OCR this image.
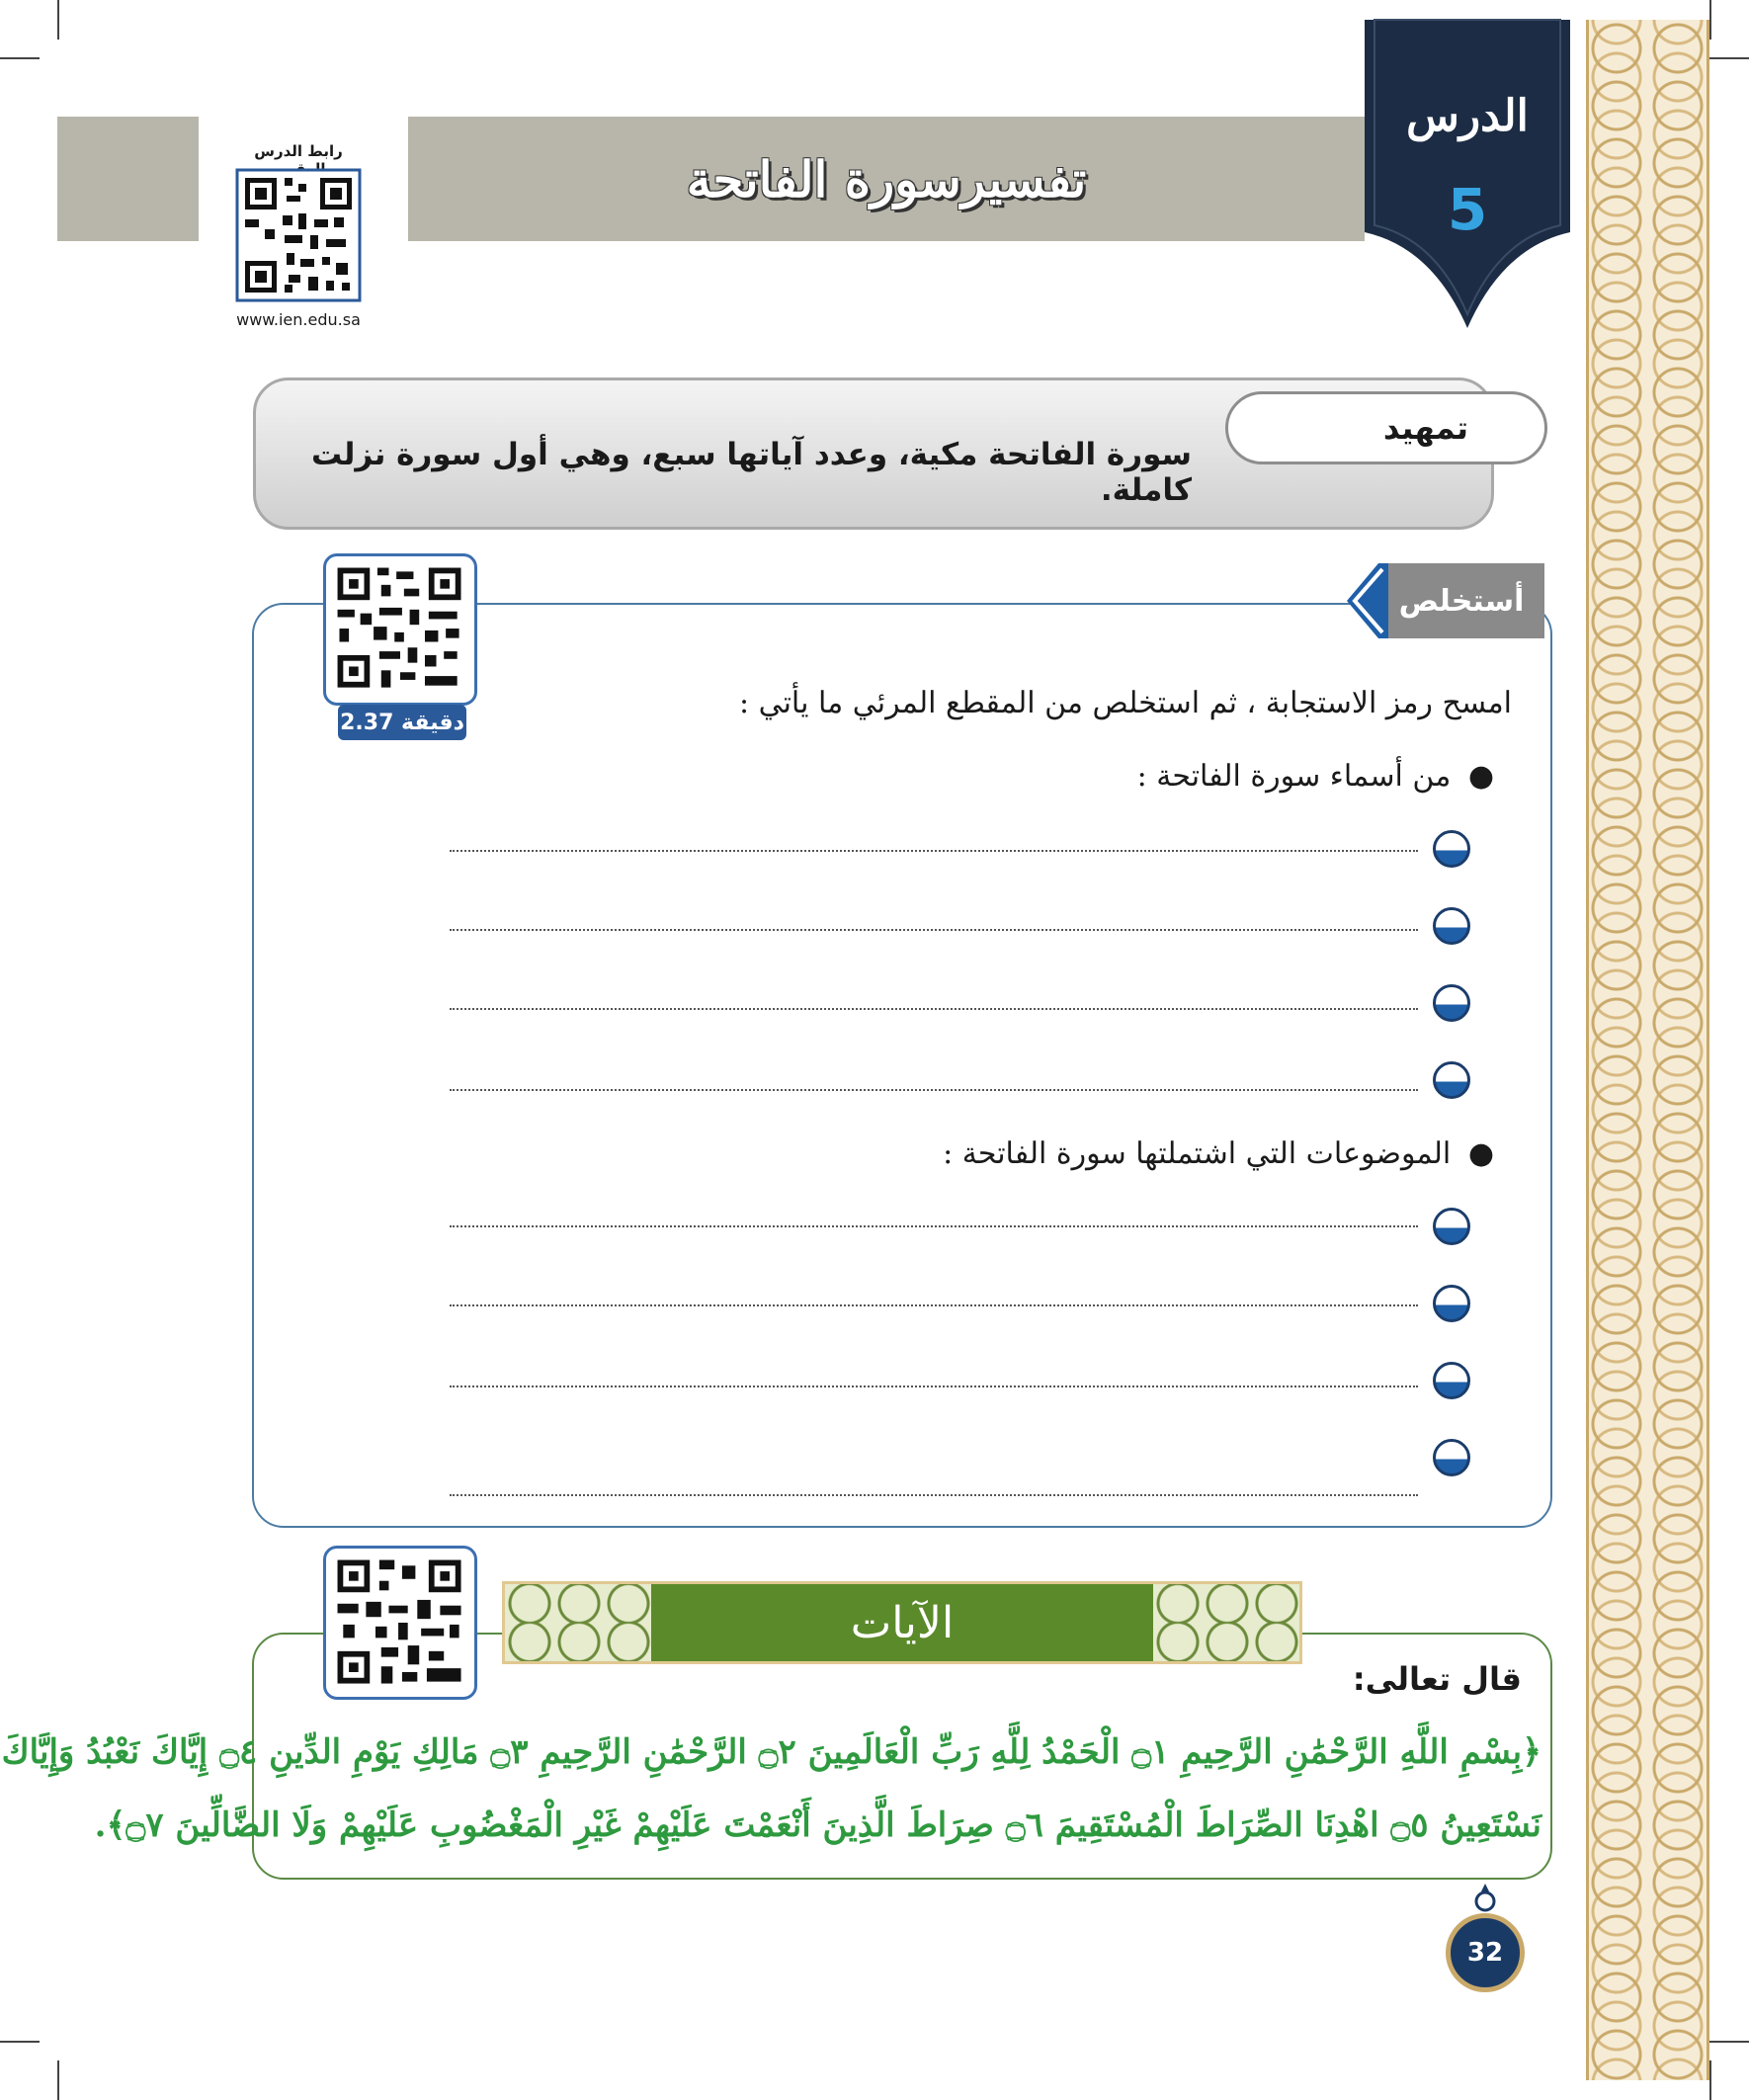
تفسيرسورة الفاتحة
الدرس
5
رابط الدرس
www.ien.edu.sa
تمهيد
سورة الفاتحة مكية، وعدد آياتها سبع، وهي أول سورة نزلت كاملة.
أستخلص
2.37 دقيقة
امسح رمز الاستجابة ، ثم استخلص من المقطع المرئي ما يأتي :
● من أسماء سورة الفاتحة :
● الموضوعات التي اشتملتها سورة الفاتحة :
الآيات
قال تعالى:
﴿بِسْمِ اللَّهِ الرَّحْمَٰنِ الرَّحِيمِ ۝١ الْحَمْدُ لِلَّهِ رَبِّ الْعَالَمِينَ ۝٢ الرَّحْمَٰنِ الرَّحِيمِ ۝٣ مَالِكِ يَوْمِ الدِّينِ ۝٤ إِيَّاكَ نَعْبُدُ وَإِيَّاكَ
نَسْتَعِينُ ۝٥ اهْدِنَا الصِّرَاطَ الْمُسْتَقِيمَ ۝٦ صِرَاطَ الَّذِينَ أَنْعَمْتَ عَلَيْهِمْ غَيْرِ الْمَغْضُوبِ عَلَيْهِمْ وَلَا الضَّالِّينَ ۝٧﴾.
32
